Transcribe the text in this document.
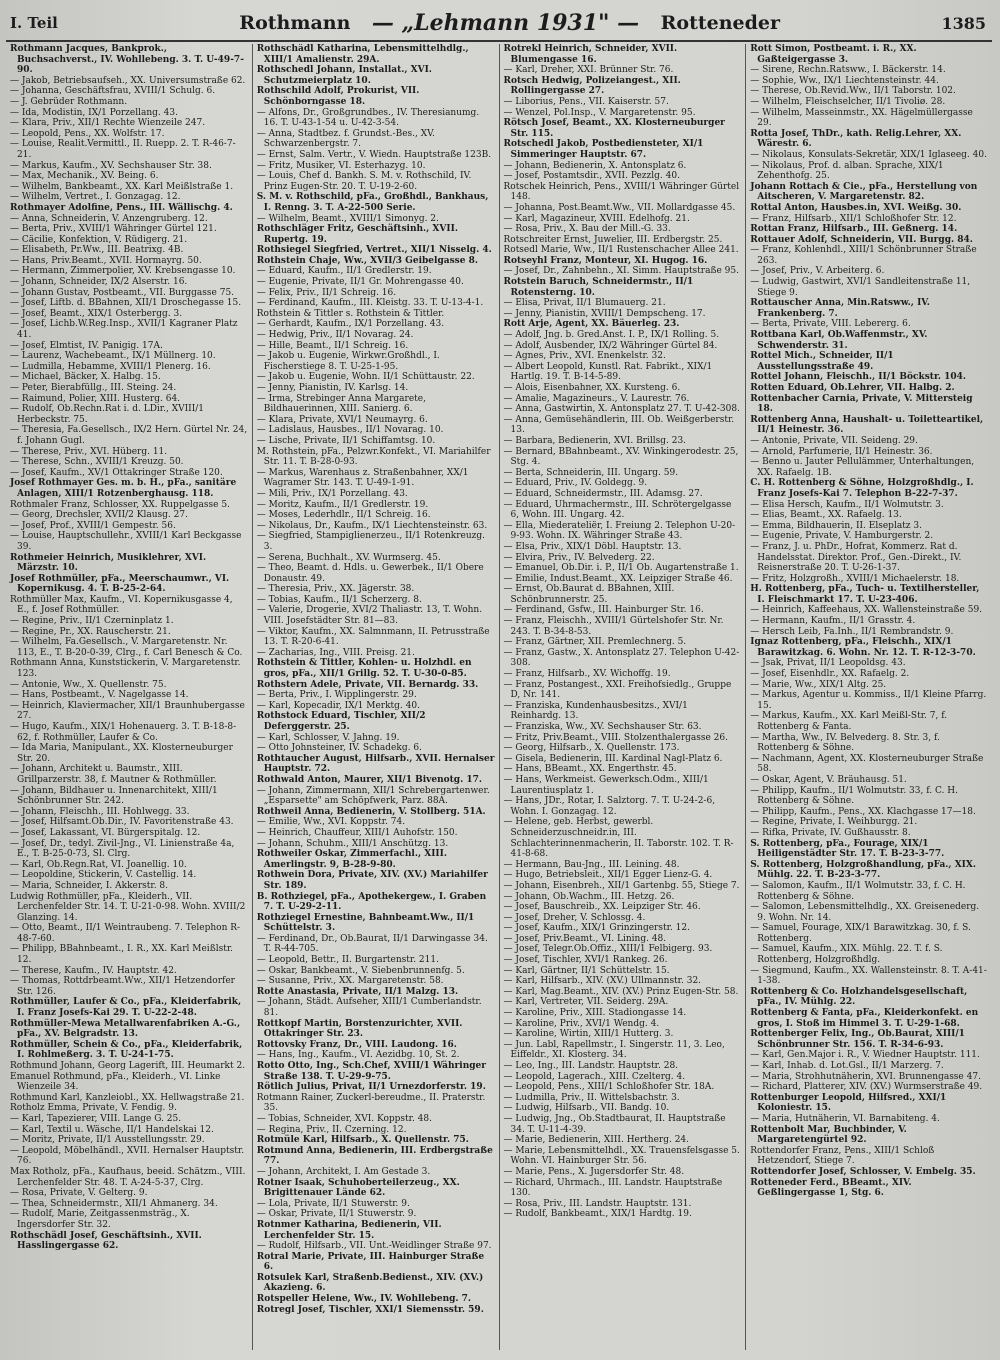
I. Teil	Rothmann — „Lehmann 1931" — Rotteneder	1385

Rothmann Jacques, Bankprok., Buchsachverst., IV. Wohllebeng. 3. T. U-49-7-90.

— Jakob, Betriebsaufseh., XX. Universumstraße 62.

— Johanna, Geschäftsfrau, XVIII/1 Schulg. 6.

— J. Gebrüder Rothmann.

— Ida, Modistin, IX/1 Porzellang. 43.

— Klara, Priv., XII/1 Rechte Wienzeile 247.

— Leopold, Pens., XX. Wolfstr. 17.

— Louise, Realit.Vermittl., II. Ruepp. 2. T. R-46-7-21.

— Markus, Kaufm., XV. Sechshauser Str. 38.

— Max, Mechanik., XV. Being. 6.

— Wilhelm, Bankbeamt., XX. Karl Meißlstraße 1.

— Wilhelm, Vertret., I. Gonzagag. 12.

Rothmayer Adolfine, Pens., III. Wällischg. 4.

— Anna, Schneiderin, V. Anzengruberg. 12.

— Berta, Priv., XVIII/1 Währinger Gürtel 121.

— Cäcilie, Konfektion, V. Rüdigerg. 21.

— Elisabeth, Pr.Ww., III. Beatrixg. 4B.

— Hans, Priv.Beamt., XVII. Hormayrg. 50.

— Hermann, Zimmerpolier, XV. Krebsengasse 10.

— Johann, Schneider, IX/2 Alserstr. 16.

— Johann Gustav, Postbeamt., VII. Burggasse 75.

— Josef, Liftb. d. BBahnen, XII/1 Droschegasse 15.

— Josef, Beamt., XIX/1 Osterbergg. 3.

— Josef, Lichb.W.Reg.Insp., XVII/1 Kagraner Platz 41.

— Josef, Elmtist, IV. Panigig. 17A.

— Laurenz, Wachebeamt., IX/1 Müllnerg. 10.

— Ludmilla, Hebamme, XVIII/1 Plenerg. 16.

— Michael, Bäcker, X. Halbg. 15.

— Peter, Bierabfüllg., III. Steing. 24.

— Raimund, Polier, XIII. Husterg. 64.

— Rudolf, Ob.Rechn.Rat i. d. LDir., XVIII/1 Herbeckstr. 75.

— Theresia, Fa.Gesellsch., IX/2 Hern. Gürtel Nr. 24, f. Johann Gugl.

— Therese, Priv., XVI. Hüberg. 11.

— Therese, Schn., XVIII/1 Kreuzg. 50.

— Josef, Kaufm., XV/1 Ottakringer Straße 120.

Josef Rothmayer Ges. m. b. H., pFa., sanitäre Anlagen, XIII/1 Rotzenberghausg. 118.

Rothmaler Franz, Schlosser, XX. Ruppelgasse 5.

— Georg, Drechsler, XVII/2 Klausg. 27.

— Josef, Prof., XVIII/1 Gempestr. 56.

— Louise, Hauptschullehr., XVIII/1 Karl Beckgasse 39.

Rothmeier Heinrich, Musiklehrer, XVI. Märzstr. 10.

Josef Rothmüller, pFa., Meerschaumwr., VI. Kopernikusg. 4. T. B-25-2-64.

Rothmüller Max, Kaufm., VI. Kopernikusgasse 4, E., f. Josef Rothmüller.

— Regine, Priv., II/1 Czerninplatz 1.

— Regine, Pr., XX. Rauscherstr. 21.

— Wilhelm, Fa.Gesellsch., V. Margaretenstr. Nr. 113, E., T. B-20-0-39, Clrg., f. Carl Benesch & Co.

Rothmann Anna, Kunststickerin, V. Margaretenstr. 123.

— Antonie, Ww., X. Quellenstr. 75.

— Hans, Postbeamt., V. Nagelgasse 14.

— Heinrich, Klaviermacher, XII/1 Braunhubergasse 27.

— Hugo, Kaufm., XIX/1 Hohenauerg. 3. T. B-18-8-62, f. Rothmüller, Laufer & Co.

— Ida Maria, Manipulant., XX. Klosterneuburger Str. 20.

— Johann, Architekt u. Baumstr., XIII. Grillparzerstr. 38, f. Mautner & Rothmüller.

— Johann, Bildhauer u. Innenarchitekt, XIII/1 Schönbrunner Str. 242.

— Johann, Fleischh., III. Hohlwegg. 33.

— Josef, Hilfsamt.Ob.Dir., IV. Favoritenstraße 43.

— Josef, Lakassant, VI. Bürgerspitalg. 12.

— Josef, Dr., tedyl. Zivil-Jng., VI. Linienstraße 4a, E., T. B-25-0-73, Sl. Clrg.

— Karl, Ob.Regn.Rat, VI. Joanellig. 10.

— Leopoldine, Stickerin, V. Castellig. 14.

— Maria, Schneider, I. Akkerstr. 8.

Ludwig Rothmüller, pFa., Kleiderh., VII. Lerchenfelder Str. 14. T. U-21-0-98. Wohn. XVIII/2 Glanzing. 14.

— Otto, Beamt., II/1 Weintraubeng. 7. Telephon R-48-7-60.

— Philipp, BBahnbeamt., I. R., XX. Karl Meißlstr. 12.

— Therese, Kaufm., IV. Hauptstr. 42.

— Thomas, Rottdrbeamt.Ww., XII/1 Hetzendorfer Str. 126.

Rothmüller, Laufer & Co., pFa., Kleiderfabrik, I. Franz Josefs-Kai 29. T. U-22-2-48.

Rothmüller-Mewa Metallwarenfabriken A.-G., pFa., XV. Belgradstr. 13.

Rothmüller, Schein & Co., pFa., Kleiderfabrik, I. Rohlmeßerg. 3. T. U-24-1-75.

Rothmund Johann, Georg Lagerift, III. Heumarkt 2.

Emanuel Rothmund, pFa., Kleiderh., VI. Linke Wienzeile 34.

Rothmund Karl, Kanzleiobl., XX. Hellwagstraße 21.

Rotholz Emma, Private, V. Fendig. 9.

— Karl, Tapezierer, VIII. Lange G. 25.

— Karl, Textil u. Wäsche, II/1 Handelskai 12.

— Moritz, Private, II/1 Ausstellungsstr. 29.

— Leopold, Möbelhändl., XVII. Hernalser Hauptstr. 76.

Max Rotholz, pFa., Kaufhaus, beeid. Schätzm., VIII. Lerchenfelder Str. 48. T. A-24-5-37, Clrg.

— Rosa, Private, V. Gelterg. 9.

— Thea, Schneidermstr., XII/1 Ahmanerg. 34.

— Rudolf, Marie, Zeitgassenmsträg., X. Ingersdorfer Str. 32.

Rothschädl Josef, Geschäftsinh., XVII. Hasslingergasse 62.

Rothschädl Katharina, Lebensmittelhdlg., XIII/1 Amalienstr. 29A.

Rothschedl Johann, Installat., XVI. Schutzmeierplatz 10.

Rothschild Adolf, Prokurist, VII. Schönborngasse 18.

— Alfons, Dr., Großgrundbes., IV. Theresianumg. 16. T. U-43-1-54 u. U-42-3-54.

— Anna, Stadtbez. f. Grundst.-Bes., XV. Schwarzenbergstr. 7.

— Ernst, Salm. Vertr., V. Wiedn. Hauptstraße 123B.

— Fritz, Musiker, VI. Esterhazyg. 10.

— Louis, Chef d. Bankh. S. M. v. Rothschild, IV. Prinz Eugen-Str. 20. T. U-19-2-60.

S. M. v. Rothschild, pFa., Großhdl., Bankhaus, I. Renng. 3. T. A-22-500 Serie.

— Wilhelm, Beamt., XVIII/1 Simonyg. 2.

Rothschläger Fritz, Geschäftsinh., XVII. Rupertg. 19.

Rothsiegel Siegfried, Vertret., XII/1 Nisselg. 4.

Rothstein Chaje, Ww., XVII/3 Geibelgasse 8.

— Eduard, Kaufm., II/1 Gredlerstr. 19.

— Eugenie, Private, II/1 Gr. Mohrengasse 40.

— Felix, Priv., II/1 Schreig. 16.

— Ferdinand, Kaufm., III. Kleistg. 33. T. U-13-4-1.

Rothstein & Tittler s. Rothstein & Tittler.

— Gerhardt, Kaufm., IX/1 Porzellang. 43.

— Hedwig, Priv., II/1 Novarag. 24.

— Hille, Beamt., II/1 Schreig. 16.

— Jakob u. Eugenie, Wirkwr.Großhdl., I. Fischerstiege 8. T. U-25-1-95.

— Jakob u. Eugenie, Wohn. II/1 Schüttaustr. 22.

— Jenny, Pianistin, IV. Karlsg. 14.

— Irma, Strebinger Anna Margarete, Bildhauerinnen, XIII. Sanierg. 6.

— Klara, Private, XVI/1 Neumayrg. 6.

— Ladislaus, Hausbes., II/1 Novarag. 10.

— Lische, Private, II/1 Schiffamtsg. 10.

M. Rothstein, pFa., Pelzwr.Konfekt., VI. Mariahilfer Str. 11. T. B-28-0-93.

— Markus, Warenhaus z. Straßenbahner, XX/1 Wagramer Str. 143. T. U-49-1-91.

— Mili, Priv., IX/1 Porzellang. 43.

— Moritz, Kaufm., II/1 Gredlerstr. 19.

— Moses, Lederhdlr., II/1 Schreig. 16.

— Nikolaus, Dr., Kaufm., IX/1 Liechtensteinstr. 63.

— Siegfried, Stampiglienerzeu., II/1 Rotenkreuzg. 3.

— Serena, Buchhalt., XV. Wurmserg. 45.

— Theo, Beamt. d. Hdls. u. Gewerbek., II/1 Obere Donaustr. 49.

— Theresia, Priv., XX. Jägerstr. 38.

— Tobias, Kaufm., II/1 Scherzerg. 8.

— Valerie, Drogerie, XVI/2 Thaliastr. 13, T. Wohn. VIII. Josefstädter Str. 81—83.

— Viktor, Kaufm., XX. Salmnmann, II. Petrusstraße 13. T. R-20-6-41.

— Zacharias, Ing., VIII. Preisg. 21.

Rothstein & Tittler, Kohlen- u. Holzhdl. en gros, pFa., XII/1 Grillg. 52. T. U-30-0-85.

Rothstern Adele, Private, VII. Bernardg. 33.

— Berta, Priv., I. Wipplingerstr. 29.

— Karl, Kopecadir, IX/1 Merktg. 40.

Rothstock Eduard, Tischler, XII/2 Deferggerstr. 25.

— Karl, Schlosser, V. Jahng. 19.

— Otto Johnsteiner, IV. Schadekg. 6.

Rothtaucher August, Hilfsarb., XVII. Hernalser Hauptstr. 72.

Rothwald Anton, Maurer, XII/1 Bivenotg. 17.

— Johann, Zimmermann, XII/1 Schrebergartenwer. „Esparsette" am Schöpfwerk, Parz. 88A.

Rothweil Anna, Bedienerin, V. Stollberg. 51A.

— Emilie, Ww., XVI. Koppstr. 74.

— Heinrich, Chauffeur, XIII/1 Auhofstr. 150.

— Johann, Schuhm., XIII/1 Anschützg. 13.

Rothweiler Oskar, Zimmerfachl., XIII. Amerlingstr. 9, B-28-9-80.

Rothwein Dora, Private, XIV. (XV.) Mariahilfer Str. 189.

B. Rothziegel, pFa., Apothekergew., I. Graben 7. T. U-29-2-11.

Rothziegel Ernestine, Bahnbeamt.Ww., II/1 Schüttelstr. 3.

— Ferdinand, Dr., Ob.Baurat, II/1 Darwingasse 34. T. R-44-705.

— Leopold, Bettr., II. Burgartenstr. 211.

— Oskar, Bankbeamt., V. Siebenbrunnenfg. 5.

— Susanne, Priv., XX. Margaretenstr. 58.

Rotte Anastasia, Private, II/1 Malzg. 13.

— Johann, Städt. Aufseher, XIII/1 Cumberlandstr. 81.

Rottkopf Martin, Borstenzurichter, XVII. Ottakringer Str. 23.

Rottovsky Franz, Dr., VIII. Laudong. 16.

— Hans, Ing., Kaufm., VI. Aezidbg. 10, St. 2.

Rotto Otto, Ing., Sch.Chef, XVIII/1 Währinger Straße 138. T. U-29-9-75.

Rötlich Julius, Privat, II/1 Urnezdorferstr. 19.

Rotmann Rainer, Zuckerl-bereudme., II. Praterstr. 35.

— Tobias, Schneider, XVI. Koppstr. 48.

— Regina, Priv., II. Czerning. 12.

Rotmüle Karl, Hilfsarb., X. Quellenstr. 75.

Rotmund Anna, Bedienerin, III. Erdbergstraße 77.

— Johann, Architekt, I. Am Gestade 3.

Rotner Isaak, Schuhoberteilerzeug., XX. Brigittenauer Lände 62.

— Lola, Private, II/1 Stuwerstr. 9.

— Oskar, Private, II/1 Stuwerstr. 9.

Rotnmer Katharina, Bedienerin, VII. Lerchenfelder Str. 15.

— Rudolf, Hilfsarb., VII. Unt.-Weidlinger Straße 97.

Rotral Marie, Private, III. Hainburger Straße 6.

Rotsulek Karl, Straßenb.Bedienst., XIV. (XV.) Akazieng. 6.

Rotspeller Helene, Ww., IV. Wohllebeng. 7.

Rotregl Josef, Tischler, XXI/1 Siemensstr. 59.

Rotrekl Heinrich, Schneider, XVII. Blumengasse 16.

— Karl, Dreher, XXI. Brünner Str. 76.

Rotsch Hedwig, Polizeiangest., XII. Rollingergasse 27.

— Liborius, Pens., VII. Kaiserstr. 57.

— Wenzel, Pol.Insp., V. Margaretenstr. 95.

Rötsch Josef, Beamt., XX. Klosterneuburger Str. 115.

Rotschedl Jakob, Postbediensteter, XI/1 Simmeringer Hauptstr. 67.

— Johann, Bedienerin, X. Antonsplatz 6.

— Josef, Postamtsdir., XVII. Pezzlg. 40.

Rotschek Heinrich, Pens., XVIII/1 Währinger Gürtel 148.

— Johanna, Post.Beamt.Ww., VII. Mollardgasse 45.

— Karl, Magazineur, XVIII. Edelhofg. 21.

— Rosa, Priv., X. Bau der Mill.-G. 33.

Rotschreiter Ernst, Juwelier, III. Erdbergstr. 25.

Rotsedl Marie, Ww., II/1 Rustenschacher Allee 241.

Rotseyhl Franz, Monteur, XI. Hugog. 16.

— Josef, Dr., Zahnbehn., XI. Simm. Hauptstraße 95.

Rotstein Baruch, Schneidermstr., II/1 Rotensterng. 10.

— Elisa, Privat, II/1 Blumauerg. 21.

— Jenny, Pianistin, XVIII/1 Dempscheng. 17.

Rott Arje, Agent, XX. Bäuerleg. 23.

— Adolf, Jng. b. Gred.Anst. I. P., IX/1 Rolling. 5.

— Adolf, Ausbender, IX/2 Währinger Gürtel 84.

— Agnes, Priv., XVI. Enenkelstr. 32.

— Albert Leopold, Kunstl. Rat. Fabrikt., XIX/1 Hartlg. 19. T. B-14-5-89.

— Alois, Eisenbahner, XX. Kursteng. 6.

— Amalie, Magazineurs., V. Laurestr. 76.

— Anna, Gastwirtin, X. Antonsplatz 27. T. U-42-308.

— Anna, Gemüsehändlerin, III. Ob. Weißgerberstr. 13.

— Barbara, Bedienerin, XVI. Brillsg. 23.

— Bernard, BBahnbeamt., XV. Winkingerodestr. 25, Stg. 4.

— Berta, Schneiderin, III. Ungarg. 59.

— Eduard, Priv., IV. Goldegg. 9.

— Eduard, Schneidermstr., III. Adamsg. 27.

— Eduard, Uhrmachermstr., III. Schrötergelgasse 6, Wohn. III. Ungarg. 42.

— Ella, Miederateliër, I. Freiung 2. Telephon U-20-9-93. Wohn. IX. Währinger Straße 43.

— Elsa, Priv., XIX/1 Döbl. Hauptstr. 13.

— Elvira, Priv., IV. Belvederg. 22.

— Emanuel, Ob.Dir. i. P., II/1 Ob. Augartenstraße 1.

— Emilie, Indust.Beamt., XX. Leipziger Straße 46.

— Ernst, Ob.Baurat d. BBahnen, XIII. Schönbrunnerstr. 25.

— Ferdinand, Gsfw., III. Hainburger Str. 16.

— Franz, Fleischh., XVIII/1 Gürtelshofer Str. Nr. 243. T. B-34-8-53.

— Franz, Gärtner, XII. Premlechnerg. 5.

— Franz, Gastw., X. Antonsplatz 27. Telephon U-42-308.

— Franz, Hilfsarb., XV. Wichoffg. 19.

— Franz, Postangest., XXI. Freihofsiedlg., Gruppe D, Nr. 141.

— Franziska, Kundenhausbesitzs., XVI/1 Reinhardg. 13.

— Franziska, Ww., XV. Sechshauser Str. 63.

— Fritz, Priv.Beamt., VIII. Stolzenthalergasse 26.

— Georg, Hilfsarb., X. Quellenstr. 173.

— Gisela, Bedienerin, III. Kardinal Nagl-Platz 6.

— Hans, BBeamt., XX. Engerthstr. 45.

— Hans, Werkmeist. Gewerksch.Odm., XIII/1 Laurentiusplatz 1.

— Hans, JDr., Rotar, I. Salztorg. 7. T. U-24-2-6, Wohn. I. Gonzagag. 12.

— Helene, geb. Herbst, gewerbl. Schneiderzuschneidr.in, III. Schlachterinnenmacherin, II. Taborstr. 102. T. R-41-8-68.

— Hermann, Bau-Jng., III. Leining. 48.

— Hugo, Betriebsleit., XII/1 Egger Lienz-G. 4.

— Johann, Eisenbreh., XII/1 Gartenbg. 55, Stiege 7.

— Johann, Ob.Wachm., III. Hetzg. 26.

— Josef, Bauschreib., XX. Leipziger Str. 46.

— Josef, Dreher, V. Schlossg. 4.

— Josef, Kaufm., XIX/1 Grinzingerstr. 12.

— Josef, Priv.Beamt., VI. Lining. 48.

— Josef, Telegr.Ob.Offiz., XIII/1 Felbigerg. 93.

— Josef, Tischler, XVI/1 Rankeg. 26.

— Karl, Gärtner, II/1 Schüttelstr. 15.

— Karl, Hilfsarb., XIV. (XV.) Ullmannstr. 32.

— Karl, Mag.Beamt., XIV. (XV.) Prinz Eugen-Str. 58.

— Karl, Vertreter, VII. Seiderg. 29A.

— Karoline, Priv., XIII. Stadiongasse 14.

— Karoline, Priv., XVI/1 Wendg. 4.

— Karoline, Wirtin, XIII/1 Hutterg. 3.

— Jun. Labl, Rapellmstr., I. Singerstr. 11, 3. Leo, Eiffeldr., XI. Klosterg. 34.

— Leo, Ing., III. Landstr. Hauptstr. 28.

— Leopold, Lagerach., XIII. Czelterg. 4.

— Leopold, Pens., XIII/1 Schloßhofer Str. 18A.

— Ludmilla, Priv., II. Wittelsbachstr. 3.

— Ludwig, Hilfsarb., VII. Bandg. 10.

— Ludwig, Jng., Ob.Stadtbaurat, II. Hauptstraße 34. T. U-11-4-39.

— Marie, Bedienerin, XIII. Hertherg. 24.

— Marie, Lebensmittelhdl., XX. Trauensfelsgasse 5. Wohn. VI. Hainburger Str. 56.

— Marie, Pens., X. Jugersdorfer Str. 48.

— Richard, Uhrmach., III. Landstr. Hauptstraße 130.

— Rosa, Priv., III. Landstr. Hauptstr. 131.

— Rudolf, Bankbeamt., XIX/1 Hardtg. 19.

Rott Simon, Postbeamt. i. R., XX. Gaßteigergasse 3.

— Sirene, Rechn.Ratsww., I. Bäckerstr. 14.

— Sophie, Ww., IX/1 Liechtensteinstr. 44.

— Therese, Ob.Revid.Ww., II/1 Taborstr. 102.

— Wilhelm, Fleischselcher, II/1 Tivoliø. 28.

— Wilhelm, Masseinmstr., XX. Hägelmüllergasse 29.

Rotta Josef, ThDr., kath. Relig.Lehrer, XX. Wärestr. 6.

— Nikolaus, Konsulats-Sekretär, XIX/1 Iglaseeg. 40.

— Nikolaus, Prof. d. alban. Sprache, XIX/1 Zehenthofg. 25.

Johann Rottach & Cie., pFa., Herstellung von Aitscheren, V. Margaretenstr. 82.

Rottal Anton, Hausbes.in, XVI. Weißg. 30.

— Franz, Hilfsarb., XII/1 Schloßhofer Str. 12.

Rottan Franz, Hilfsarb., III. Geßnerg. 14.

Rottauer Adolf, Schneiderin, VII. Burgg. 84.

— Franz, Kohlenhdl., XIII/1 Schönbrunner Straße 263.

— Josef, Priv., V. Arbeiterg. 6.

— Ludwig, Gastwirt, XVI/1 Sandleitenstraße 11, Stiege 9.

Rottauscher Anna, Min.Ratsww., IV. Frankenberg. 7.

— Berta, Private, VIII. Lebererg. 6.

Rottbana Karl, Ob.Waffenmstr., XV. Schwenderstr. 31.

Rottel Mich., Schneider, II/1 Ausstellungsstraße 49.

Rottel Johann, Fleischh., II/1 Böckstr. 104.

Rotten Eduard, Ob.Lehrer, VII. Halbg. 2.

Rottenbacher Carnia, Private, V. Mittersteig 18.

Rottenberg Anna, Haushalt- u. Toiletteartikel, II/1 Heinestr. 36.

— Antonie, Private, VII. Seideng. 29.

— Arnold, Parfumerie, II/1 Heinestr. 36.

— Benno u. Jauter Pellulämmer, Unterhaltungen, XX. Rafaelg. 1B.

C. H. Rottenberg & Söhne, Holzgroßhdlg., I. Franz Josefs-Kai 7. Telephon B-22-7-37.

— Elisa Hersch, Kaufm., II/1 Wolmutstr. 3.

— Elias, Beamt., XX. Rafaelg. 13.

— Emma, Bildhauerin, II. Elseplatz 3.

— Eugenie, Private, V. Hamburgerstr. 2.

— Franz, J. u. PhDr., Hofrat, Kommerz. Rat d. Handelsstat. Direktor. Prof., Gen.-Direkt., IV. Reisnerstraße 20. T. U-26-1-37.

— Fritz, Holzgroßh., XVIII/1 Michaelerstr. 18.

H. Rottenberg, pFa., Tuch- u. Textilhersteller, I. Fleischmarkt 17. T. U-23-406.

— Heinrich, Kaffeehaus, XX. Wallensteinstraße 59.

— Hermann, Kaufm., II/1 Grasstr. 4.

— Hersch Leib, Fa.Inh., II/1 Rembrandstr. 9.

Ignaz Rottenberg, pFa., Fleischh., XIX/1 Barawitzkag. 6. Wohn. Nr. 12. T. R-12-3-70.

— Jsak, Privat, II/1 Leopoldsg. 43.

— Josef, Eisenhdlr., XX. Rafaelg. 2.

— Marie, Ww., XIX/1 Altg. 25.

— Markus, Agentur u. Kommiss., II/1 Kleine Pfarrg. 15.

— Markus, Kaufm., XX. Karl Meißl-Str. 7, f. Rottenberg & Fanta.

— Martha, Ww., IV. Belvederg. 8. Str. 3, f. Rottenberg & Söhne.

— Nachmann, Agent, XX. Klosterneuburger Straße 58.

— Oskar, Agent, V. Bräuhausg. 51.

— Philipp, Kaufm., II/1 Wolmutstr. 33, f. C. H. Rottenberg & Söhne.

— Philipp, Kaufm., Pens., XX. Klachgasse 17—18.

— Regine, Private, I. Weihburgg. 21.

— Rifka, Private, IV. Gußhausstr. 8.

S. Rottenberg, pFa., Fourage, XIX/1 Heiligenstädter Str. 17. T. B-23-3-77.

S. Rottenberg, Holzgroßhandlung, pFa., XIX. Mühlg. 22. T. B-23-3-77.

— Salomon, Kaufm., II/1 Wolmutstr. 33, f. C. H. Rottenberg & Söhne.

— Salomon, Lebensmittelhdlg., XX. Greisenederg. 9. Wohn. Nr. 14.

— Samuel, Fourage, XIX/1 Barawitzkag. 30, f. S. Rottenberg.

— Samuel, Kaufm., XIX. Mühlg. 22. T. f. S. Rottenberg, Holzgroßhdlg.

— Siegmund, Kaufm., XX. Wallensteinstr. 8. T. A-41-1-38.

Rottenberg & Co. Holzhandelsgesellschaft, pFa., IV. Mühlg. 22.

Rottenberg & Fanta, pFa., Kleiderkonfekt. en gros, I. Stoß im Himmel 3. T. U-29-1-68.

Rottenberger Felix, Ing., Ob.Baurat, XIII/1 Schönbrunner Str. 156. T. R-34-6-93.

— Karl, Gen.Major i. R., V. Wiedner Hauptstr. 111.

— Karl, Inhab. d. Lot.Gsl., II/1 Marzerg. 7.

— Maria, Strohhutnäherin, XVI. Brunnengasse 47.

— Richard, Platterer, XIV. (XV.) Wurmserstraße 49.

Rottenburger Leopold, Hilfsred., XXI/1 Koloniestr. 15.

— Maria, Hutnäherin, VI. Barnabiteng. 4.

Rottenbolt Mar, Buchbinder, V. Margaretengürtel 92.

Rottendorfer Franz, Pens., XIII/1 Schloß Hetzendorf, Stiege 7.

Rottendorfer Josef, Schlosser, V. Embelg. 35.

Rotteneder Ferd., BBeamt., XIV. Geßlingergasse 1, Stg. 6.
